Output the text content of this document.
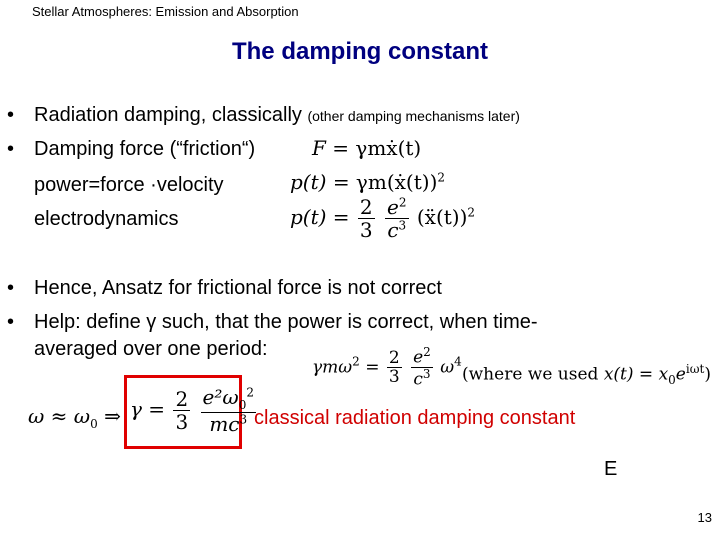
Stellar Atmospheres: Emission and Absorption
The damping constant
• Radiation damping, classically (other damping mechanisms later)
• Damping force (“friction“)
power=force ·velocity
electrodynamics
F = γmẋ(t)
p(t) = γm(ẋ(t))$^2$
$p(t) = \frac{2}{3}$
$\frac{e^2}{c^3}$ (ẍ(t))$^2$
• Hence, Ansatz for frictional force is not correct
• Help: define γ such, that the power is correct, when time-
averaged over one period:
$\gamma m\omega^2 = \frac{2}{3}$
$\frac{e^2}{c^3} \omega^4$
(where we used $x(t) = x_0e^{i\omega t}$)
$\omega \approx \omega_0$ ⇒ $\gamma = \frac{2}{3}$
$\frac{e^2\omega_0^2}{mc^3}$
classical radiation damping constant
E
13
